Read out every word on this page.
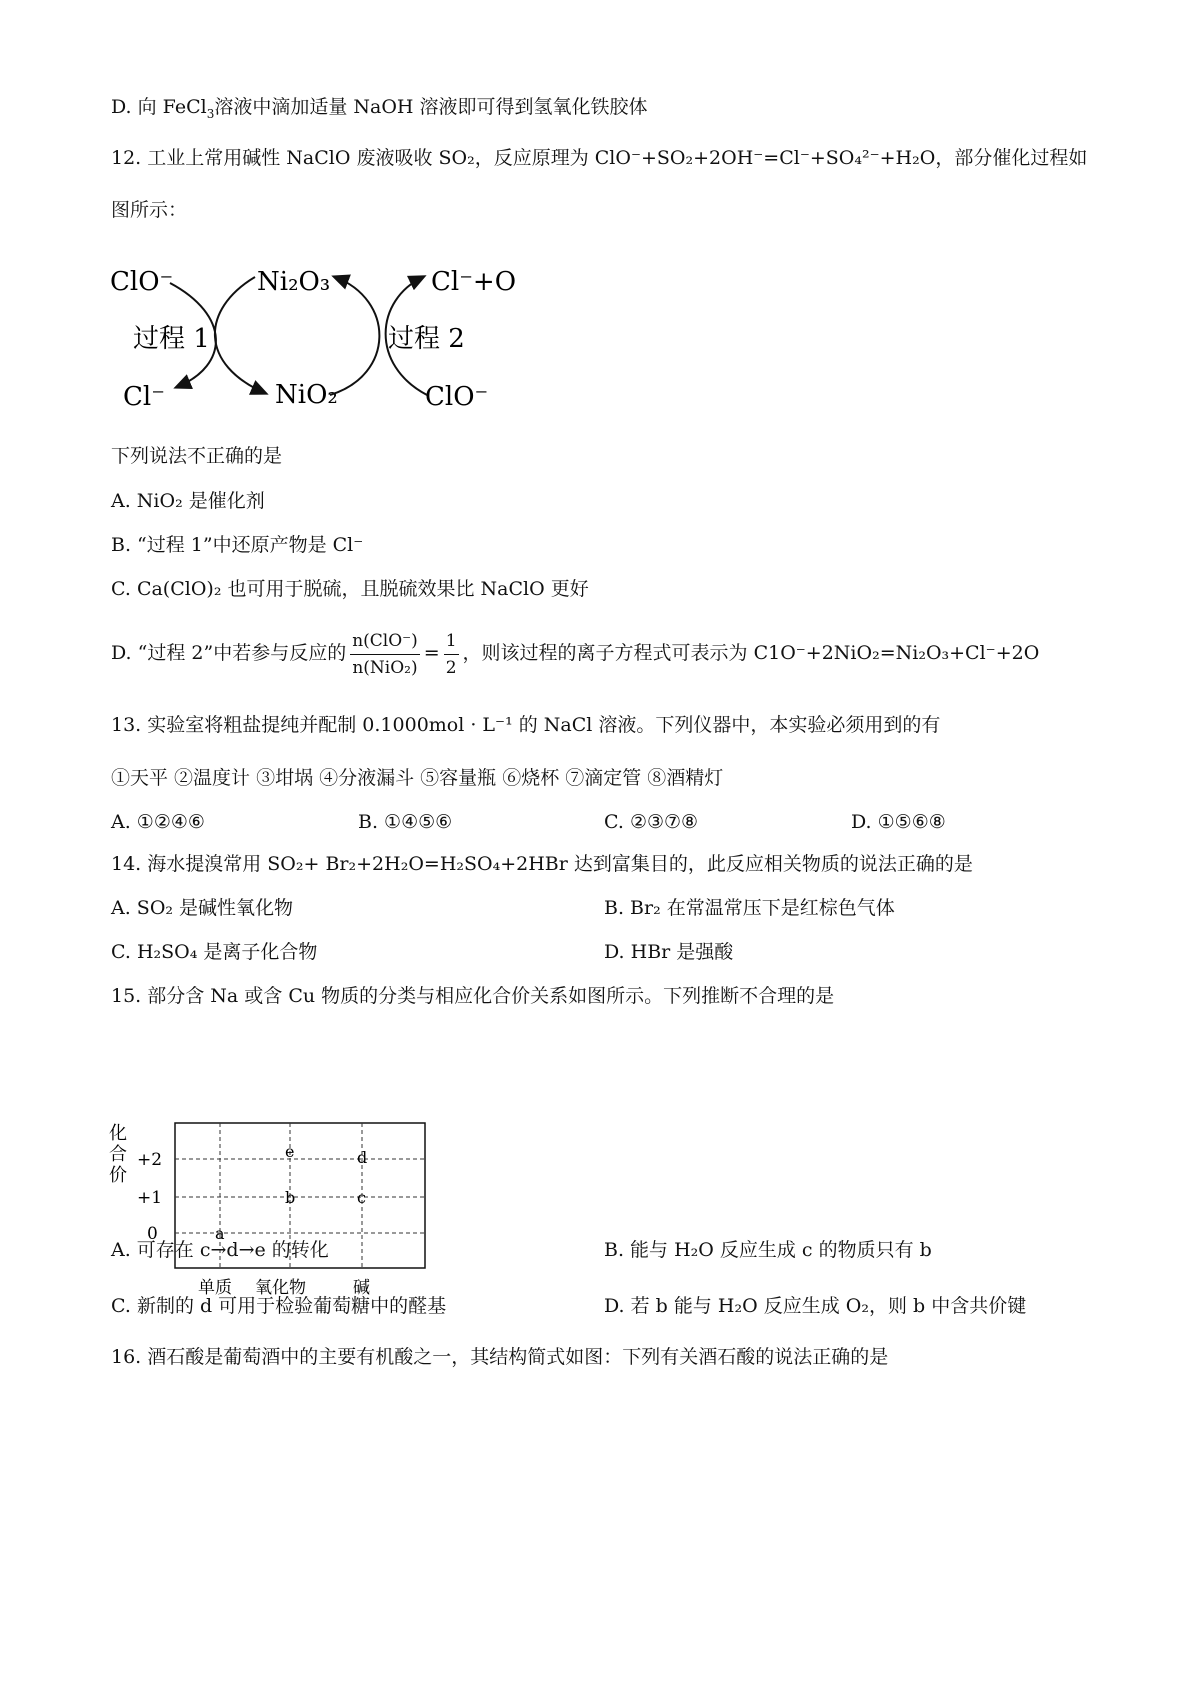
D. 向 FeCl$_3$溶液中滴加适量 NaOH 溶液即可得到氢氧化铁胶体
12. 工业上常用碱性 NaClO 废液吸收 SO₂，反应原理为 ClO⁻+SO₂+2OH⁻=Cl⁻+SO₄²⁻+H₂O，部分催化过程如
图所示：
ClO⁻	Ni₂O₃	Cl⁻+O
过程 1	过程 2
Cl⁻	NiO₂	ClO⁻
下列说法不正确的是
A. NiO₂ 是催化剂
B. “过程 1”中还原产物是 Cl⁻
C. Ca(ClO)₂ 也可用于脱硫，且脱硫效果比 NaClO 更好
D. “过程 2”中若参与反应的 $\frac{\text{n(ClO⁻)}}{\text{n(NiO₂)}} = \frac{1}{2}$ ，则该过程的离子方程式可表示为 C1O⁻+2NiO₂=Ni₂O₃+Cl⁻+2O
13. 实验室将粗盐提纯并配制 0.1000mol · L⁻¹ 的 NaCl 溶液。下列仪器中，本实验必须用到的有
①天平 ②温度计 ③坩埚 ④分液漏斗 ⑤容量瓶 ⑥烧杯 ⑦滴定管 ⑧酒精灯
A. ①②④⑥	B. ①④⑤⑥	C. ②③⑦⑧	D. ①⑤⑥⑧
14. 海水提溴常用 SO₂+ Br₂+2H₂O=H₂SO₄+2HBr 达到富集目的，此反应相关物质的说法正确的是
A. SO₂ 是碱性氧化物	B. Br₂ 在常温常压下是红棕色气体
C. H₂SO₄ 是离子化合物	D. HBr 是强酸
15. 部分含 Na 或含 Cu 物质的分类与相应化合价关系如图所示。下列推断不合理的是
化
合
价
+2
+1
0
单质 氧化物	碱
e	d
b	c
a
A. 可存在 c→d→e 的转化	B. 能与 H₂O 反应生成 c 的物质只有 b
C. 新制的 d 可用于检验葡萄糖中的醛基	D. 若 b 能与 H₂O 反应生成 O₂，则 b 中含共价键
16. 酒石酸是葡萄酒中的主要有机酸之一，其结构简式如图：下列有关酒石酸的说法正确的是
